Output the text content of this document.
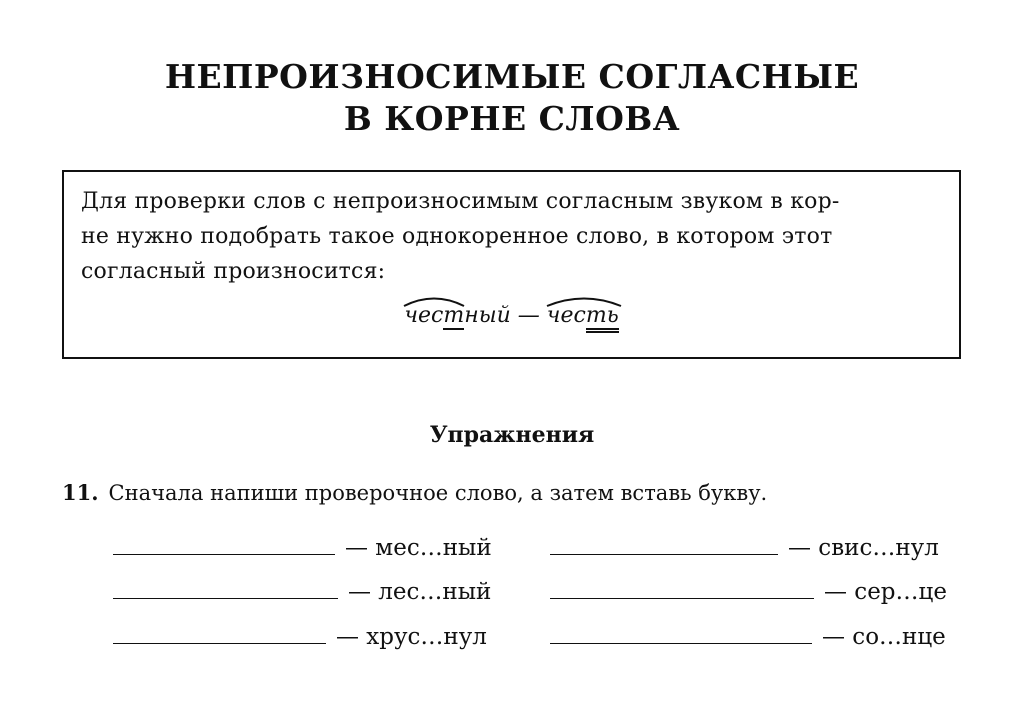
НЕПРОИЗНОСИМЫЕ СОГЛАСНЫЕ
В КОРНЕ СЛОВА
Для проверки слов с непроизносимым согласным звуком в кор-
не нужно подобрать такое однокоренное слово, в котором этот
согласный произносится:
честный —
честь
Упражнения
11. Сначала напиши проверочное слово, а затем вставь букву.
— мес…ный
— лес…ный
— хрус…нул
— свис…нул
— сер…це
— со…нце
